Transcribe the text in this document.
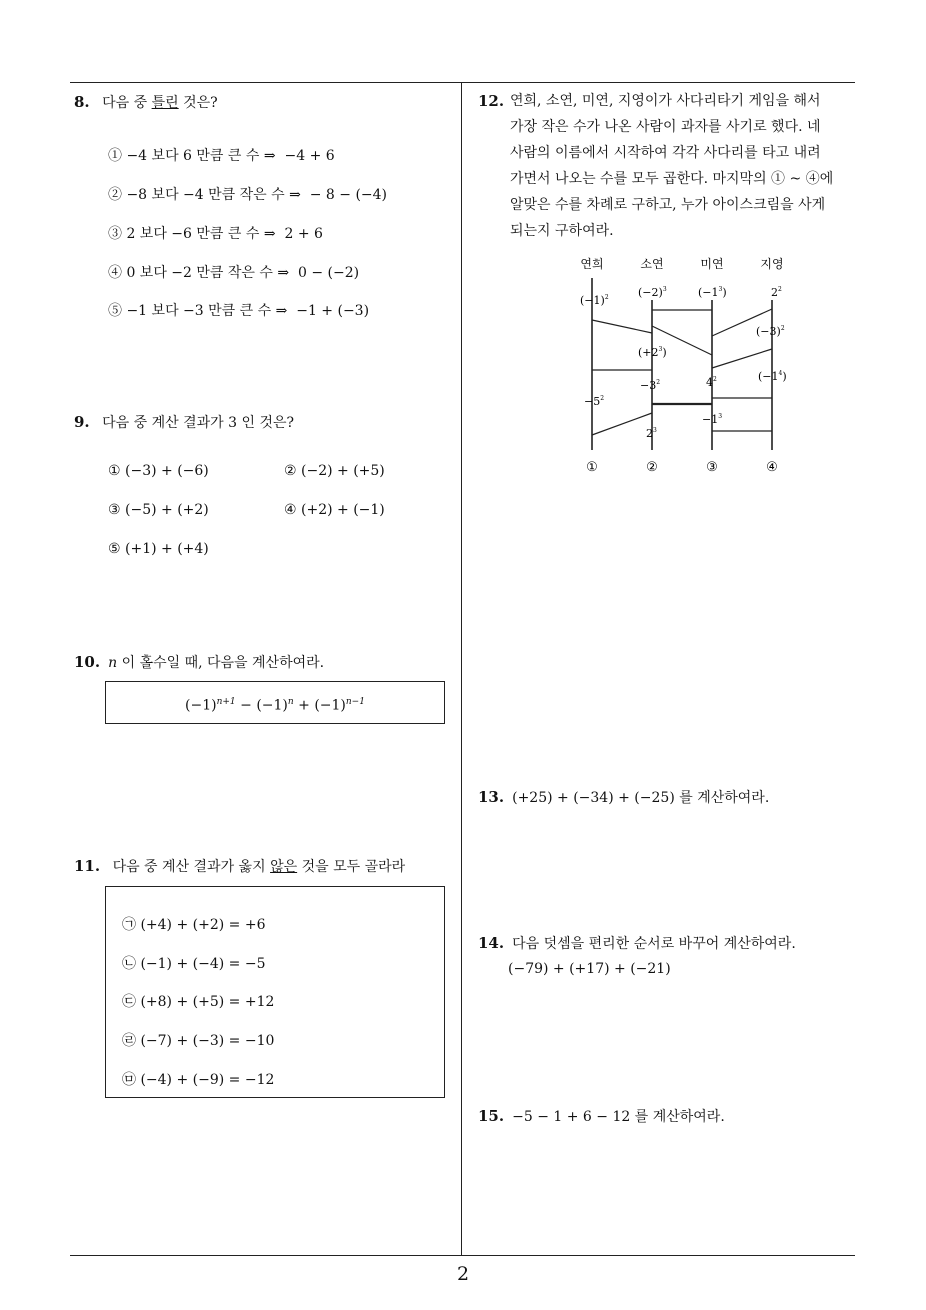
2
8. 다음 중 틀린 것은?
① −4 보다 6 만큼 큰 수 ⇒ −4 + 6
② −8 보다 −4 만큼 작은 수 ⇒ − 8 − (−4)
③ 2 보다 −6 만큼 큰 수 ⇒ 2 + 6
④ 0 보다 −2 만큼 작은 수 ⇒ 0 − (−2)
⑤ −1 보다 −3 만큼 큰 수 ⇒ −1 + (−3)
9. 다음 중 계산 결과가 3 인 것은?
① (−3) + (−6)	② (−2) + (+5)
③ (−5) + (+2)	④ (+2) + (−1)
⑤ (+1) + (+4)
10. n 이 홀수일 때, 다음을 계산하여라.
$(-1)^{n+1} - (-1)^n + (-1)^{n-1}$
11. 다음 중 계산 결과가 옳지 않은 것을 모두 골라라
㉠ (+4) + (+2) = +6
㉡ (−1) + (−4) = −5
㉢ (+8) + (+5) = +12
㉣ (−7) + (−3) = −10
㉤ (−4) + (−9) = −12
12. 연희, 소연, 미연, 지영이가 사다리타기 게임을 해서

가장 작은 수가 나온 사람이 과자를 사기로 했다. 네

사람의 이름에서 시작하여 각각 사다리를 타고 내려

가면서 나오는 수를 모두 곱한다. 마지막의 ① ~ ④에

알맞은 수를 차례로 구하고, 누가 아이스크림을 사게

되는지 구하여라.

연희	소연	미연	지영
$(-1)^2$	$(-2)^3$	$(-1^3)$	$2^2$
$(-3)^2$
$(+2^3)$
$(-1^4)$
$-3^2$	$4^2$
$-5^2$
$-1^3$
$2^3$
①	②	③	④
13. (+25) + (−34) + (−25) 를 계산하여라.
14. 다음 덧셈을 편리한 순서로 바꾸어 계산하여라.
(−79) + (+17) + (−21)
15. −5 − 1 + 6 − 12 를 계산하여라.
